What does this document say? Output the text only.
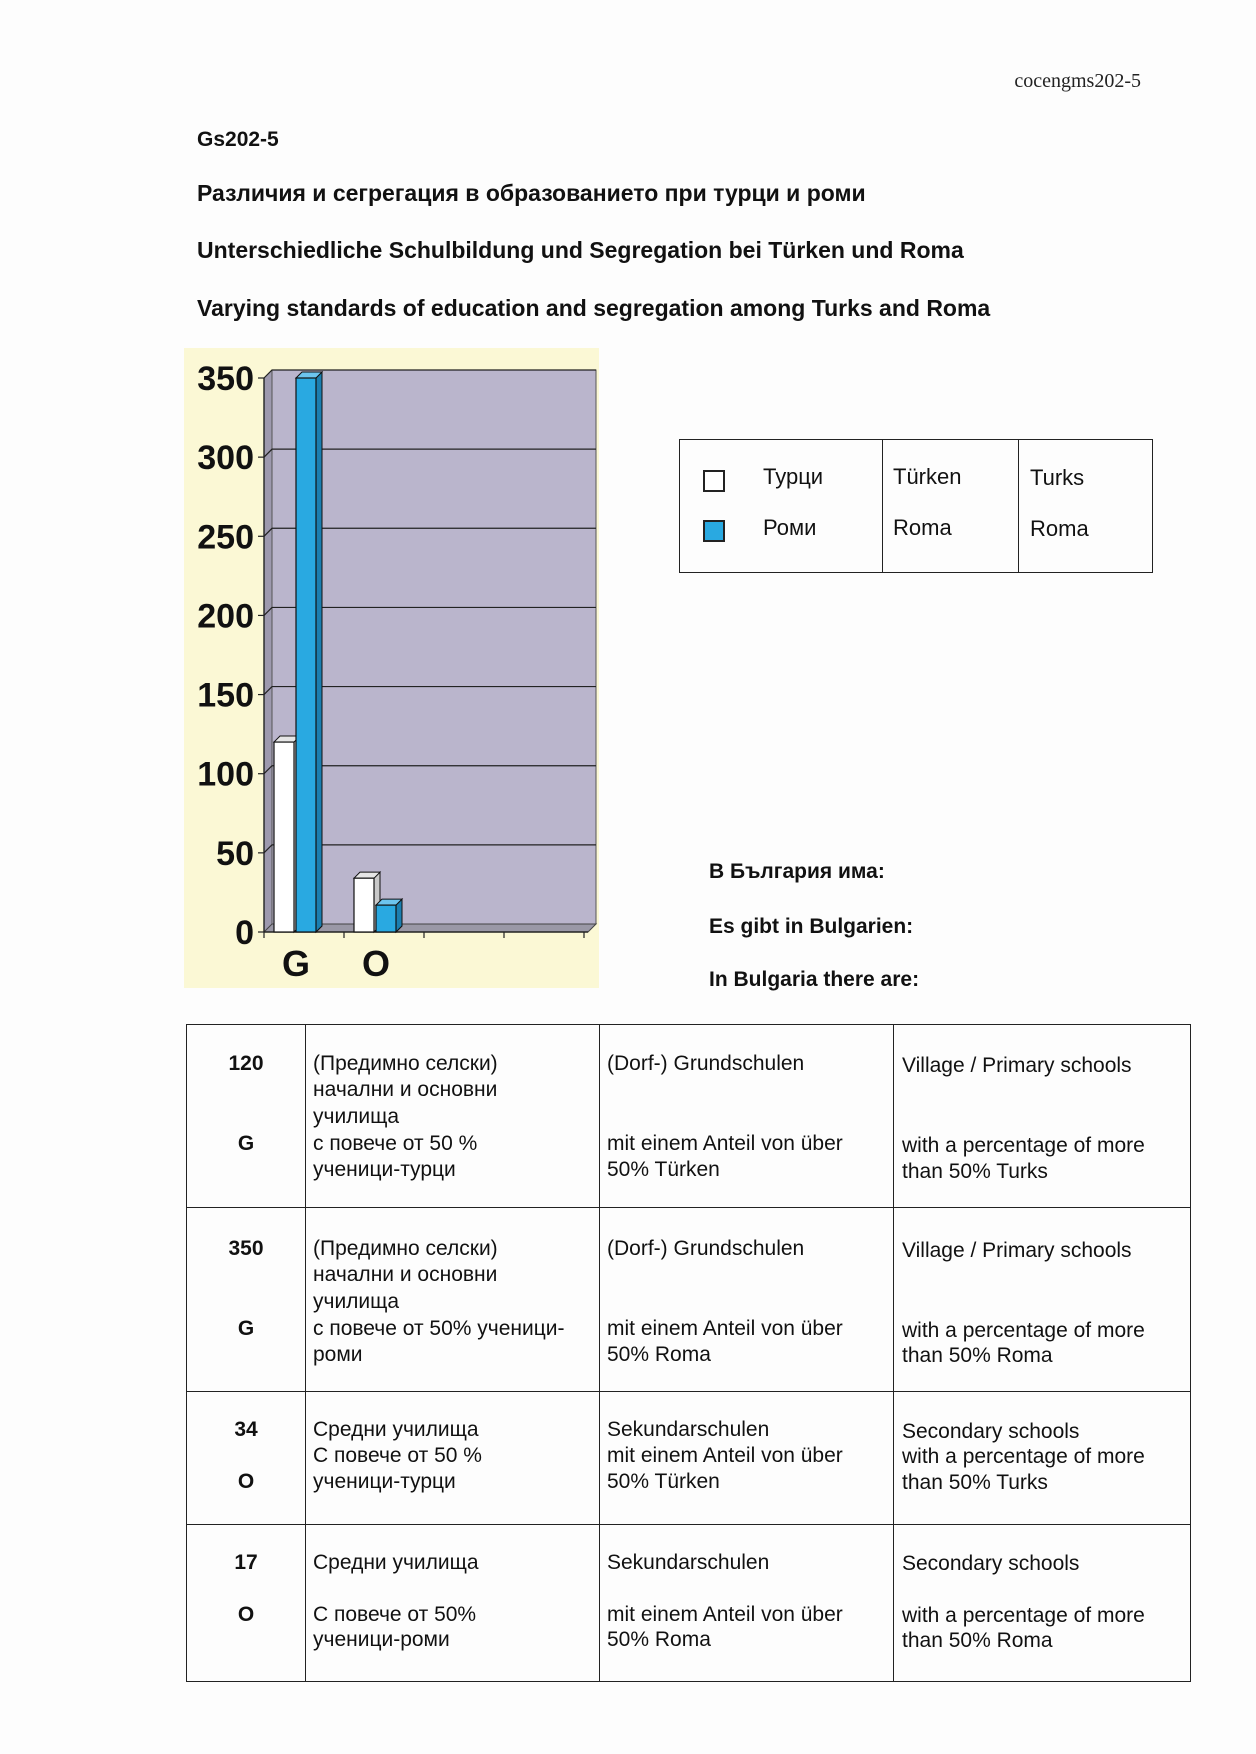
cocengms202-5
Gs202-5
Различия и сегрегация в образованието при турци и роми
Unterschiedliche Schulbildung und Segregation bei Türken und Roma
Varying standards of education and segregation among Turks and Roma
0
50
100
150
200
250
300
350
G O
Турци
Роми

Türken
Roma

Turks
Roma
В България има:
Es gibt in Bulgarien:
In Bulgaria there are:
120
G	(Предимно селски)
начални и основни
училища
с повече от 50 %
ученици-турци	(Dorf-) Grundschulen
mit einem Anteil von über
50% Türken	Village / Primary schools
with a percentage of more
than 50% Turks

350
G	(Предимно селски)
начални и основни
училища
с повече от 50% ученици-
роми	(Dorf-) Grundschulen
mit einem Anteil von über
50% Roma	Village / Primary schools
with a percentage of more
than 50% Roma

34
O	Средни училища
С повече от 50 %
ученици-турци	Sekundarschulen
mit einem Anteil von über
50% Türken	Secondary schools
with a percentage of more
than 50% Turks

17
O	Средни училища
С повече от 50%
ученици-роми	Sekundarschulen
mit einem Anteil von über
50% Roma	Secondary schools
with a percentage of more
than 50% Roma
